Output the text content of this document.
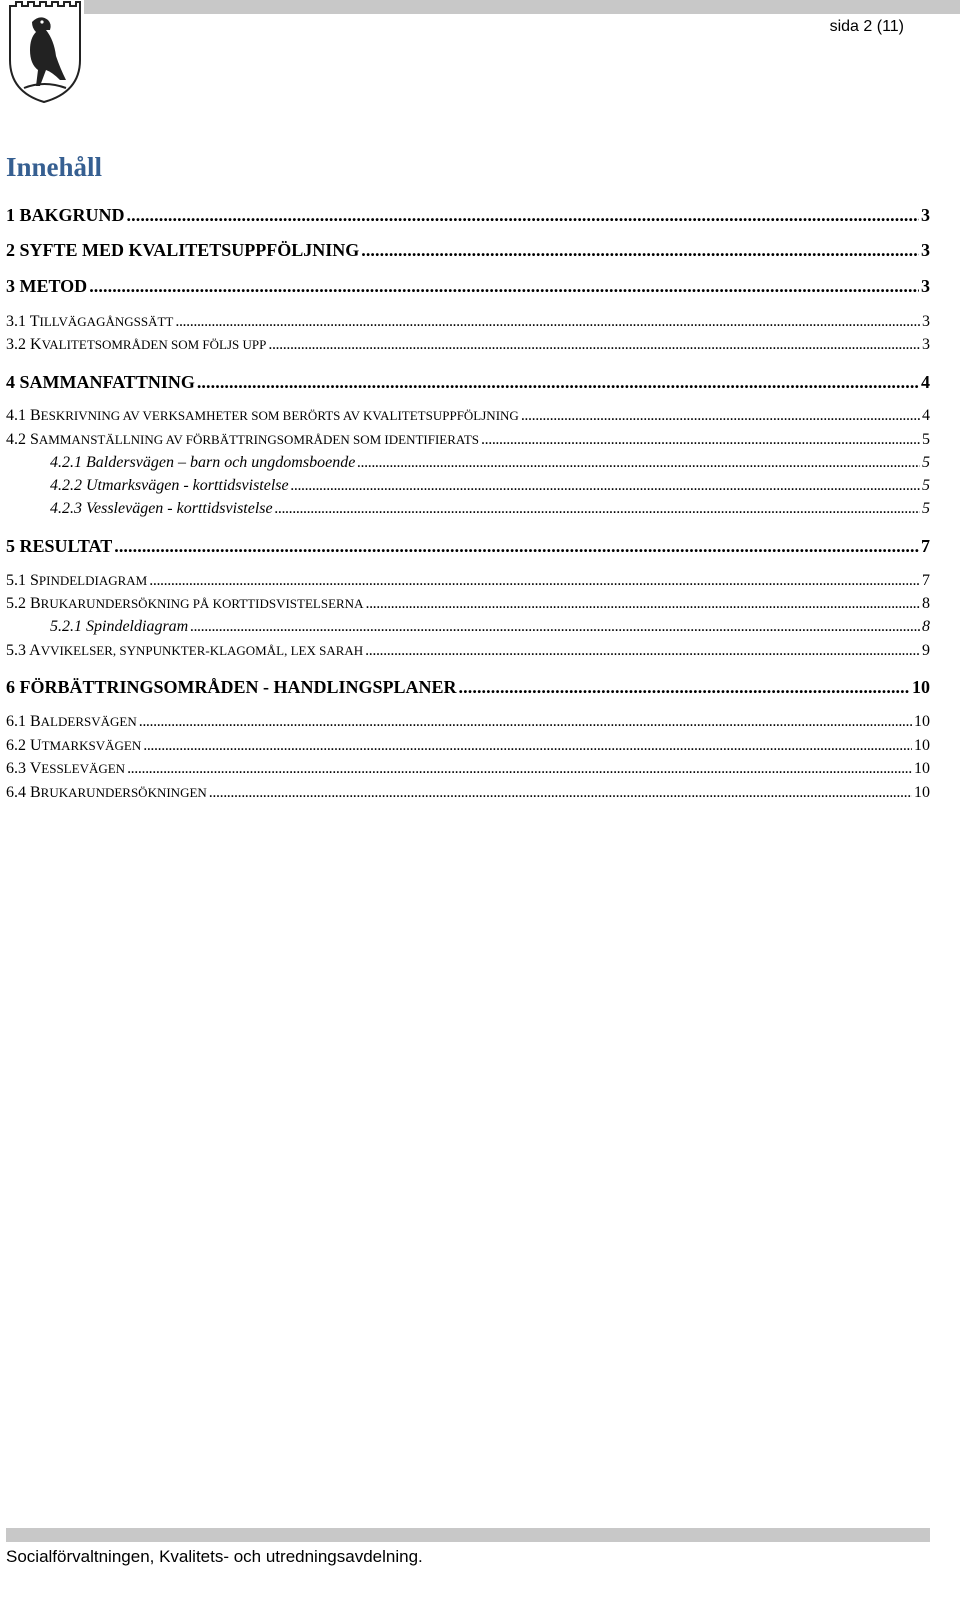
sida 2 (11)
Innehåll
1 BAKGRUND . . .	3
2 SYFTE MED KVALITETSUPPFÖLJNING . . .	3
3 METOD . . .	3
3.1 TILLVÄGAGÅNGSSÄTT . . .	3
3.2 KVALITETSOMRÅDEN SOM FÖLJS UPP . . .	3
4 SAMMANFATTNING . . .	4
4.1 BESKRIVNING AV VERKSAMHETER SOM BERÖRTS AV KVALITETSUPPFÖLJNING . . .	4
4.2 SAMMANSTÄLLNING AV FÖRBÄTTRINGSOMRÅDEN SOM IDENTIFIERATS . . .	5
4.2.1 Baldersvägen – barn och ungdomsboende . . .	5
4.2.2 Utmarksvägen - korttidsvistelse . . .	5
4.2.3 Vesslevägen - korttidsvistelse . . .	5
5 RESULTAT . . .	7
5.1 SPINDELDIAGRAM . . .	7
5.2 BRUKARUNDERSÖKNING PÅ KORTTIDSVISTELSERNA . . .	8
5.2.1 Spindeldiagram . . .	8
5.3 AVVIKELSER, SYNPUNKTER-KLAGOMÅL, LEX SARAH . . .	9
6 FÖRBÄTTRINGSOMRÅDEN - HANDLINGSPLANER . . .	10
6.1 BALDERSVÄGEN . . .	10
6.2 UTMARKSVÄGEN . . .	10
6.3 VESSLEVÄGEN . . .	10
6.4 BRUKARUNDERSÖKNINGEN . . .	10
Socialförvaltningen, Kvalitets- och utredningsavdelning.
